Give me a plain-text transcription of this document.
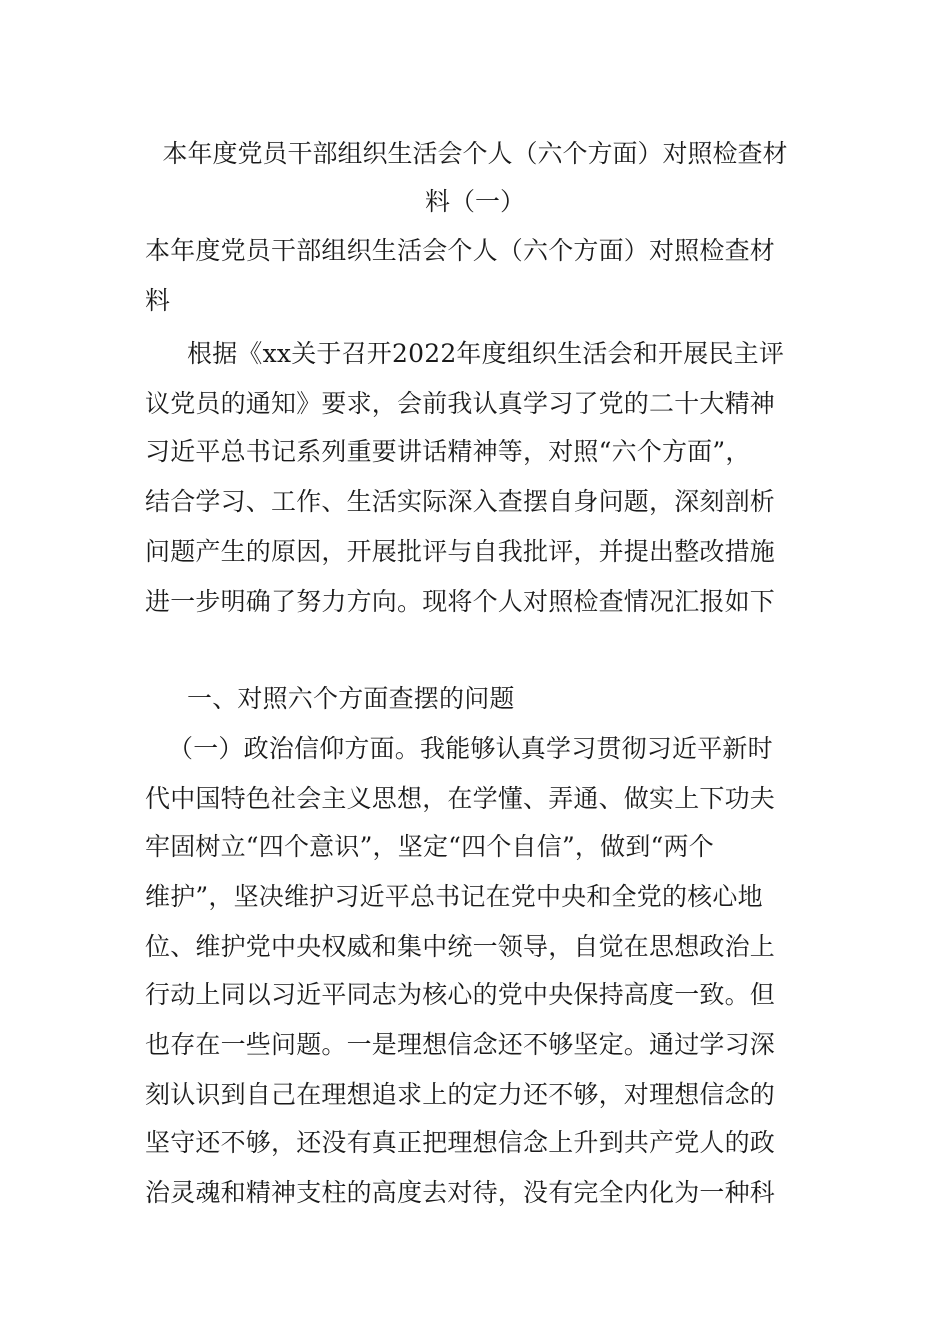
本年度党员干部组织生活会个人（六个方面）对照检查材
料（一）
本年度党员干部组织生活会个人（六个方面）对照检查材
料
根据《xx关于召开2022年度组织生活会和开展民主评
议党员的通知》要求，会前我认真学习了党的二十大精神
习近平总书记系列重要讲话精神等，对照“六个方面”，
结合学习、工作、生活实际深入查摆自身问题，深刻剖析
问题产生的原因，开展批评与自我批评，并提出整改措施
进一步明确了努力方向。现将个人对照检查情况汇报如下
一、对照六个方面查摆的问题
（一）政治信仰方面。我能够认真学习贯彻习近平新时
代中国特色社会主义思想，在学懂、弄通、做实上下功夫
牢固树立“四个意识”，坚定“四个自信”，做到“两个
维护”，坚决维护习近平总书记在党中央和全党的核心地
位、维护党中央权威和集中统一领导，自觉在思想政治上
行动上同以习近平同志为核心的党中央保持高度一致。但
也存在一些问题。一是理想信念还不够坚定。通过学习深
刻认识到自己在理想追求上的定力还不够，对理想信念的
坚守还不够，还没有真正把理想信念上升到共产党人的政
治灵魂和精神支柱的高度去对待，没有完全内化为一种科
